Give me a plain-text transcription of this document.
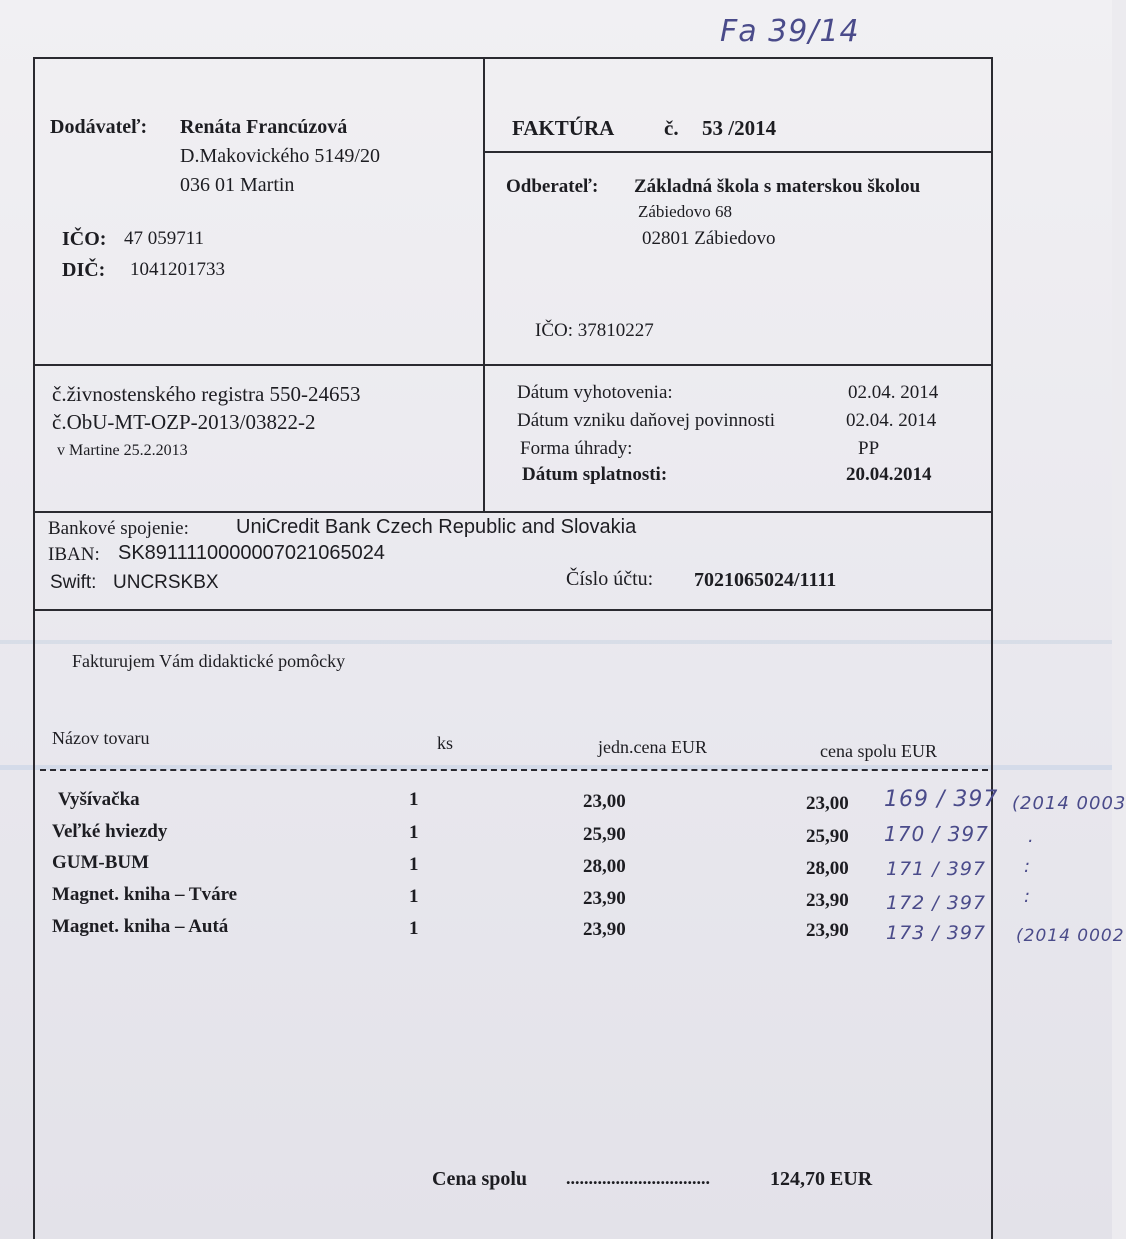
Fa 39/14
Dodávateľ: Renáta Francúzová
D.Makovického 5149/20
036 01 Martin
IČO: 47 059711
DIČ: 1041201733
FAKTÚRA č. 53 /2014
Odberateľ: Základná škola s materskou školou
Zábiedovo 68
02801 Zábiedovo
IČO: 37810227
č.živnostenského registra 550-24653
č.ObU-MT-OZP-2013/03822-2
v Martine 25.2.2013
Dátum vyhotovenia:	02.04. 2014
Dátum vzniku daňovej povinnosti	02.04. 2014
Forma úhrady:	PP
Dátum splatnosti:	20.04.2014
Bankové spojenie: UniCredit Bank Czech Republic and Slovakia
IBAN: SK8911110000007021065024
Swift: UNCRSKBX	Číslo účtu: 7021065024/1111
Fakturujem Vám didaktické pomôcky
Názov tovaru	ks	jedn.cena EUR	cena spolu EUR
Vyšívačka	1	23,00	23,00 169 / 397 (2014 0003
Veľké hviezdy	1	25,90	25,90 170 / 397 .
GUM-BUM	1	28,00	28,00 171 / 397 :
Magnet. kniha – Tváre	1	23,90	23,90 172 / 397 :
Magnet. kniha – Autá	1	23,90	23,90 173 / 397 (2014 0002
Cena spolu ................................	124,70 EUR
